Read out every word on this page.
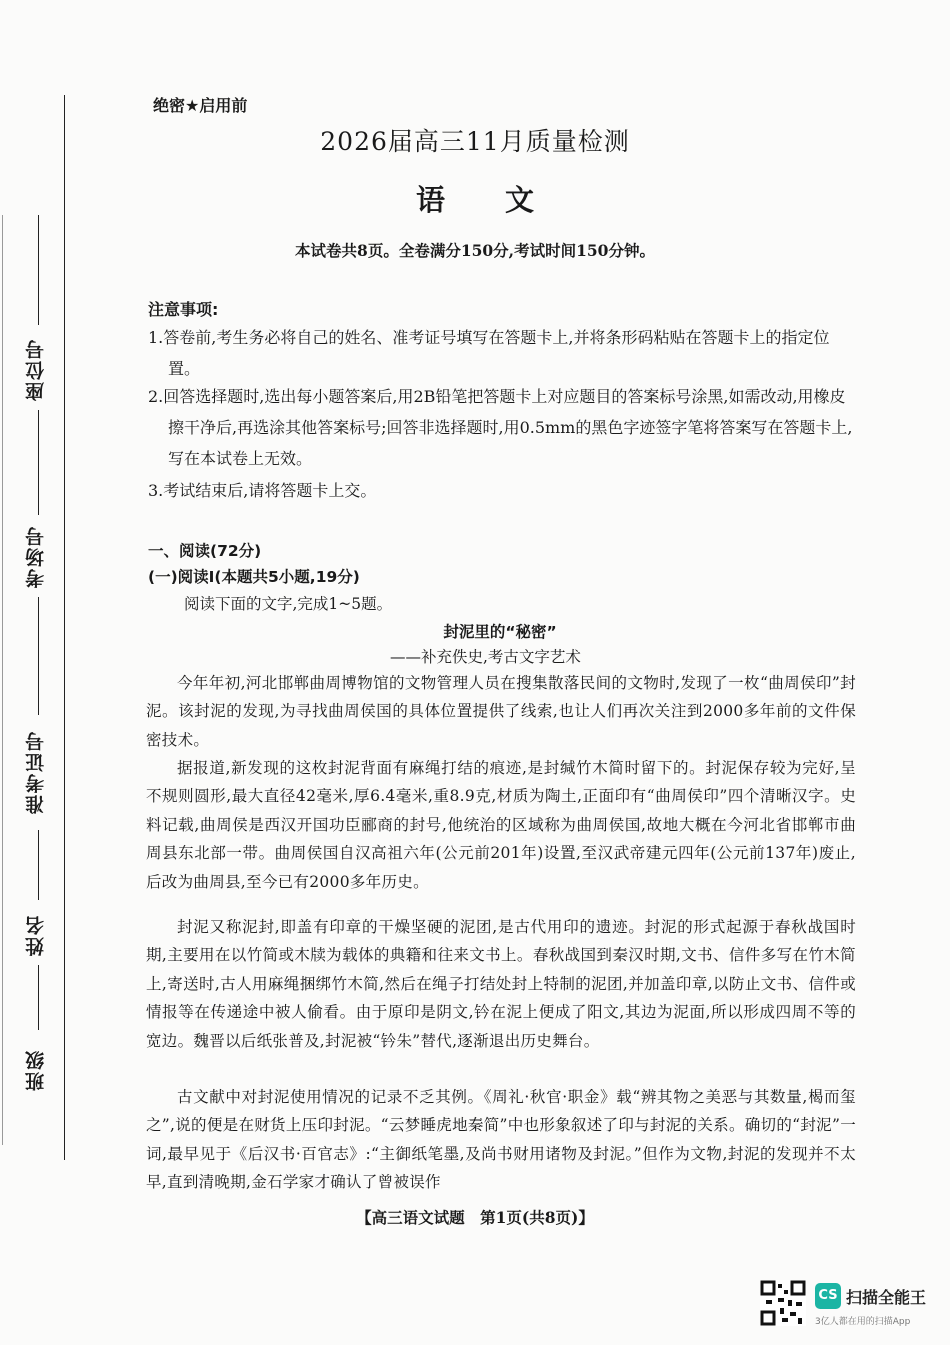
座位号
考场号
准考证号
姓名
班级
绝密★启用前
2026届高三11月质量检测
语文
本试卷共8页。全卷满分150分,考试时间150分钟。
注意事项:
1.答卷前,考生务必将自己的姓名、准考证号填写在答题卡上,并将条形码粘贴在答题卡上的指定位置。
2.回答选择题时,选出每小题答案后,用2B铅笔把答题卡上对应题目的答案标号涂黑,如需改动,用橡皮擦干净后,再选涂其他答案标号;回答非选择题时,用0.5mm的黑色字迹签字笔将答案写在答题卡上,写在本试卷上无效。
3.考试结束后,请将答题卡上交。
一、阅读(72分)
(一)阅读Ⅰ(本题共5小题,19分)
阅读下面的文字,完成1~5题。
封泥里的“秘密”
——补充佚史,考古文字艺术
今年年初,河北邯郸曲周博物馆的文物管理人员在搜集散落民间的文物时,发现了一枚“曲周侯印”封泥。该封泥的发现,为寻找曲周侯国的具体位置提供了线索,也让人们再次关注到2000多年前的文件保密技术。
据报道,新发现的这枚封泥背面有麻绳打结的痕迹,是封缄竹木简时留下的。封泥保存较为完好,呈不规则圆形,最大直径42毫米,厚6.4毫米,重8.9克,材质为陶土,正面印有“曲周侯印”四个清晰汉字。史料记载,曲周侯是西汉开国功臣郦商的封号,他统治的区域称为曲周侯国,故地大概在今河北省邯郸市曲周县东北部一带。曲周侯国自汉高祖六年(公元前201年)设置,至汉武帝建元四年(公元前137年)废止,后改为曲周县,至今已有2000多年历史。
封泥又称泥封,即盖有印章的干燥坚硬的泥团,是古代用印的遗迹。封泥的形式起源于春秋战国时期,主要用在以竹简或木牍为载体的典籍和往来文书上。春秋战国到秦汉时期,文书、信件多写在竹木简上,寄送时,古人用麻绳捆绑竹木简,然后在绳子打结处封上特制的泥团,并加盖印章,以防止文书、信件或情报等在传递途中被人偷看。由于原印是阴文,钤在泥上便成了阳文,其边为泥面,所以形成四周不等的宽边。魏晋以后纸张普及,封泥被“钤朱”替代,逐渐退出历史舞台。
古文献中对封泥使用情况的记录不乏其例。《周礼·秋官·职金》载“辨其物之美恶与其数量,楬而玺之”,说的便是在财货上压印封泥。“云梦睡虎地秦简”中也形象叙述了印与封泥的关系。确切的“封泥”一词,最早见于《后汉书·百官志》:“主御纸笔墨,及尚书财用诸物及封泥。”但作为文物,封泥的发现并不太早,直到清晚期,金石学家才确认了曾被误作
【高三语文试题　第1页(共8页)】
CS 扫描全能王
3亿人都在用的扫描App
